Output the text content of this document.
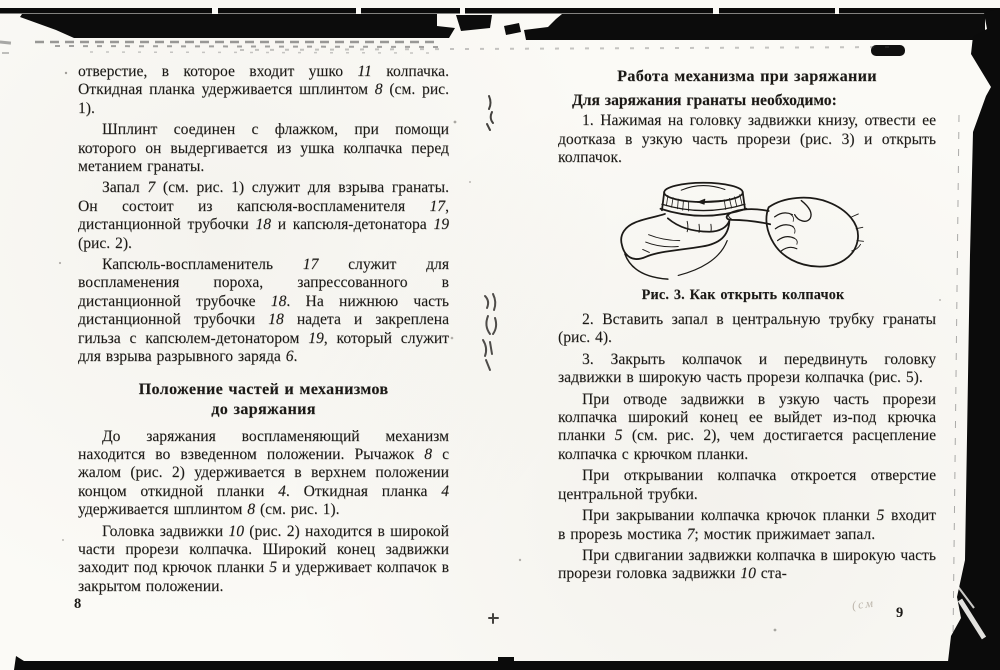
отверстие, в которое входит ушко 11 колпачка. Откидная планка удерживается шплинтом 8 (см. рис. 1).

Шплинт соединен с флажком, при помощи которого он выдергивается из ушка колпачка перед метанием гранаты.

Запал 7 (см. рис. 1) служит для взрыва гранаты. Он состоит из капсюля-воспламенителя 17, дистанционной трубочки 18 и капсюля-детонатора 19 (рис. 2).

Капсюль-воспламенитель 17 служит для воспламенения пороха, запрессованного в дистанционной трубочке 18. На нижнюю часть дистанционной трубочки 18 надета и закреплена гильза с капсюлем-детонатором 19, который служит для взрыва разрывного заряда 6.

Положение частей и механизмов
до заряжания

До заряжания воспламеняющий механизм находится во взведенном положении. Рычажок 8 с жалом (рис. 2) удерживается в верхнем положении концом откидной планки 4. Откидная планка 4 удерживается шплинтом 8 (см. рис. 1).

Головка задвижки 10 (рис. 2) находится в широкой части прорези колпачка. Широкий конец задвижки заходит под крючок планки 5 и удерживает колпачок в закрытом положении.

Работа механизма при заряжании

Для заряжания гранаты необходимо:

1. Нажимая на головку задвижки книзу, отвести ее доотказа в узкую часть прорези (рис. 3) и открыть колпачок.

Рис. 3. Как открыть колпачок

2. Вставить запал в центральную трубку гранаты (рис. 4).

3. Закрыть колпачок и передвинуть головку задвижки в широкую часть прорези колпачка (рис. 5).

При отводе задвижки в узкую часть прорези колпачка широкий конец ее выйдет из-под крючка планки 5 (см. рис. 2), чем достигается расцепление колпачка с крючком планки.

При открывании колпачка откроется отверстие центральной трубки.

При закрывании колпачка крючок планки 5 входит в прорезь мостика 7; мостик прижимает запал.

При сдвигании задвижки колпачка в широкую часть прорези головка задвижки 10 ста-

8
9
(см
